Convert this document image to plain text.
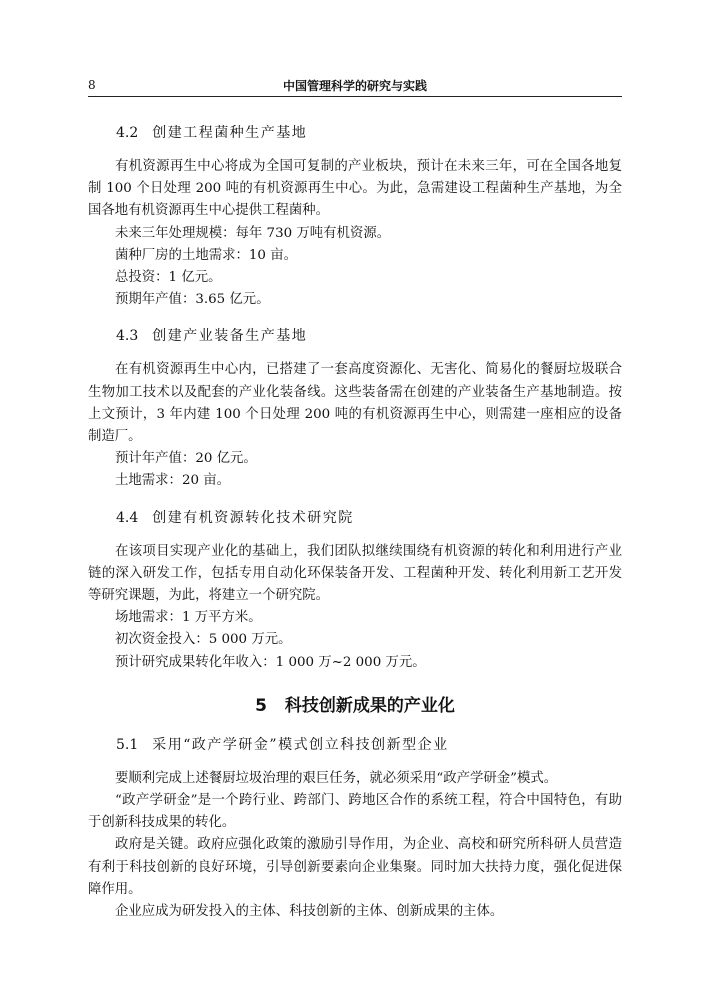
8	中国管理科学的研究与实践
4.2 创建工程菌种生产基地

有机资源再生中心将成为全国可复制的产业板块，预计在未来三年，可在全国各地复制 100 个日处理 200 吨的有机资源再生中心。为此，急需建设工程菌种生产基地，为全国各地有机资源再生中心提供工程菌种。

未来三年处理规模：每年 730 万吨有机资源。

菌种厂房的土地需求：10 亩。

总投资：1 亿元。

预期年产值：3.65 亿元。

4.3 创建产业装备生产基地

在有机资源再生中心内，已搭建了一套高度资源化、无害化、简易化的餐厨垃圾联合生物加工技术以及配套的产业化装备线。这些装备需在创建的产业装备生产基地制造。按上文预计，3 年内建 100 个日处理 200 吨的有机资源再生中心，则需建一座相应的设备制造厂。

预计年产值：20 亿元。

土地需求：20 亩。

4.4 创建有机资源转化技术研究院

在该项目实现产业化的基础上，我们团队拟继续围绕有机资源的转化和利用进行产业链的深入研发工作，包括专用自动化环保装备开发、工程菌种开发、转化利用新工艺开发等研究课题，为此，将建立一个研究院。

场地需求：1 万平方米。

初次资金投入：5 000 万元。

预计研究成果转化年收入：1 000 万~2 000 万元。

5 科技创新成果的产业化
5.1 采用“政产学研金”模式创立科技创新型企业

要顺利完成上述餐厨垃圾治理的艰巨任务，就必须采用“政产学研金”模式。

“政产学研金”是一个跨行业、跨部门、跨地区合作的系统工程，符合中国特色，有助于创新科技成果的转化。

政府是关键。政府应强化政策的激励引导作用，为企业、高校和研究所科研人员营造有利于科技创新的良好环境，引导创新要素向企业集聚。同时加大扶持力度，强化促进保障作用。

企业应成为研发投入的主体、科技创新的主体、创新成果的主体。
